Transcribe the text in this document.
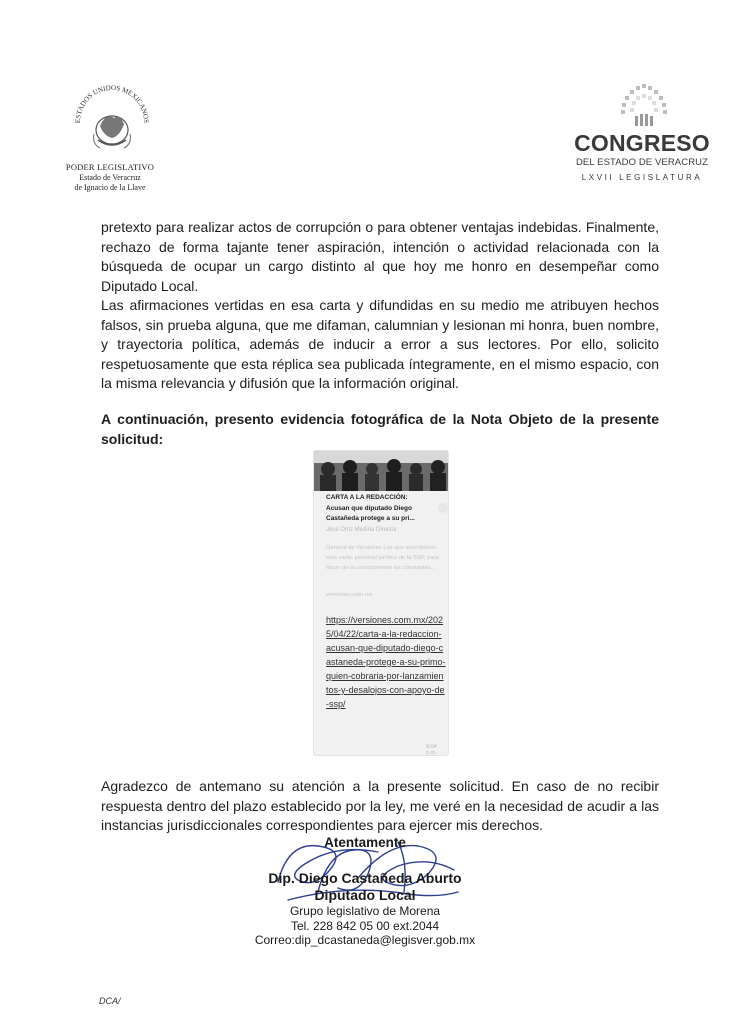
ESTADOS UNIDOS MEXICANOS
PODER LEGISLATIVO
Estado de Veracruz
de Ignacio de la Llave
CONGRESO
DEL ESTADO DE VERACRUZ
LXVII LEGISLATURA
pretexto para realizar actos de corrupción o para obtener ventajas indebidas. Finalmente, rechazo de forma tajante tener aspiración, intención o actividad relacionada con la búsqueda de ocupar un cargo distinto al que hoy me honro en desempeñar como Diputado Local.
Las afirmaciones vertidas en esa carta y difundidas en su medio me atribuyen hechos falsos, sin prueba alguna, que me difaman, calumnian y lesionan mi honra, buen nombre, y trayectoria política, además de inducir a error a sus lectores. Por ello, solicito respetuosamente que esta réplica sea publicada íntegramente, en el mismo espacio, con la misma relevancia y difusión que la información original.
A continuación, presento evidencia fotográfica de la Nota Objeto de la presente solicitud:
CARTA A LA REDACCIÓN:
Acusan que diputado Diego Castañeda protege a su pri...
José Ortiz Medina Director
General de Versiones Los que suscribimos esta carta, personal jurídico de la SSP, para hacer de su conocimiento los constantes...
versiones.com.mx
https://versiones.com.mx/2025/04/22/carta-a-la-redaccion-acusan-que-diputado-diego-castaneda-protege-a-su-primo-quien-cobraria-por-lanzamientos-y-desalojos-con-apoyo-de-ssp/
8:04 p.m.
Agradezco de antemano su atención a la presente solicitud. En caso de no recibir respuesta dentro del plazo establecido por la ley, me veré en la necesidad de acudir a las instancias jurisdiccionales correspondientes para ejercer mis derechos.
Atentamente
Dip. Diego Castañeda Aburto
Diputado Local
Grupo legislativo de Morena
Tel. 228 842 05 00 ext.2044
Correo:dip_dcastaneda@legisver.gob.mx
DCA/
